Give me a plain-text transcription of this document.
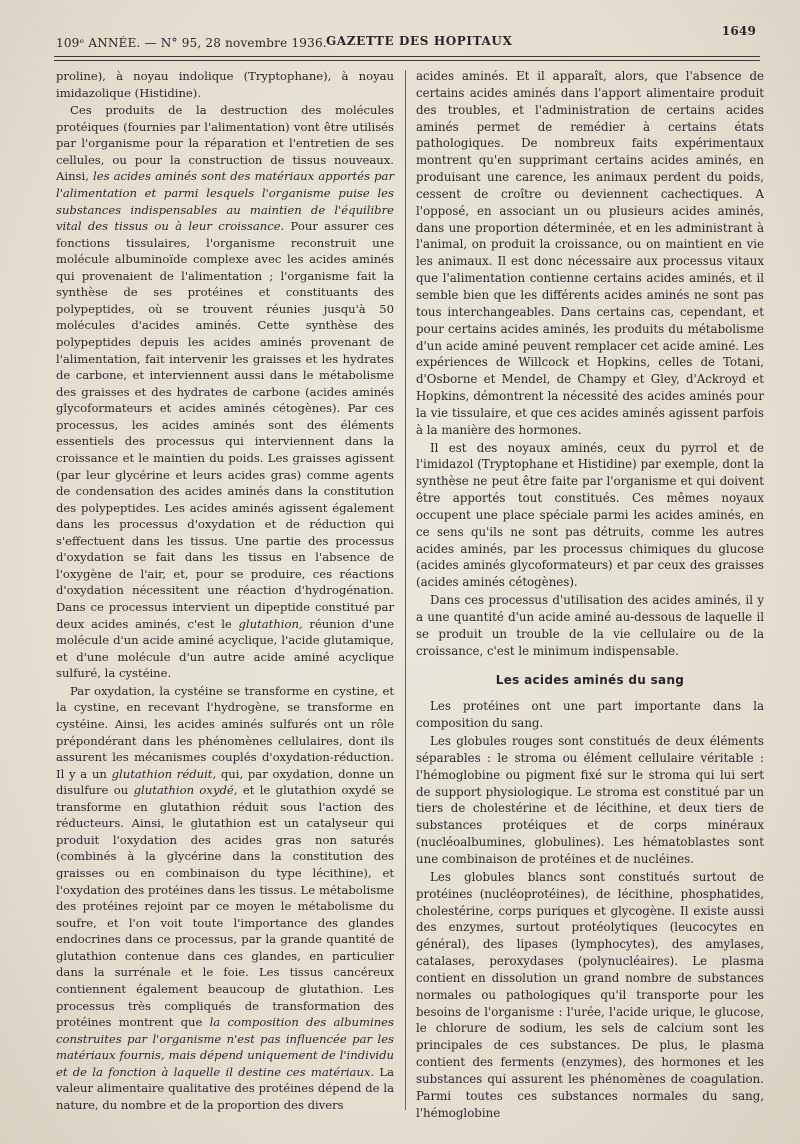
109ᵉ ANNÉE. — N° 95, 28 novembre 1936. GAZETTE DES HOPITAUX
1649

proline), à noyau indolique (Tryptophane), à noyau imidazolique (Histidine).

Ces produits de la destruction des molécules protéiques (fournies par l'alimentation) vont être utilisés par l'organisme pour la réparation et l'entretien de ses cellules, ou pour la construction de tissus nouveaux. Ainsi, les acides aminés sont des matériaux apportés par l'alimentation et parmi lesquels l'organisme puise les substances indispensables au maintien de l'équilibre vital des tissus ou à leur croissance. Pour assurer ces fonctions tissulaires, l'organisme reconstruit une molécule albuminoïde complexe avec les acides aminés qui provenaient de l'alimentation ; l'organisme fait la synthèse de ses protéines et constituants des polypeptides, où se trouvent réunies jusqu'à 50 molécules d'acides aminés. Cette synthèse des polypeptides depuis les acides aminés provenant de l'alimentation, fait intervenir les graisses et les hydrates de carbone, et interviennent aussi dans le métabolisme des graisses et des hydrates de carbone (acides aminés glycoformateurs et acides aminés cétogènes). Par ces processus, les acides aminés sont des éléments essentiels des processus qui interviennent dans la croissance et le maintien du poids. Les graisses agissent (par leur glycérine et leurs acides gras) comme agents de condensation des acides aminés dans la constitution des polypeptides. Les acides aminés agissent également dans les processus d'oxydation et de réduction qui s'effectuent dans les tissus. Une partie des processus d'oxydation se fait dans les tissus en l'absence de l'oxygène de l'air, et, pour se produire, ces réactions d'oxydation nécessitent une réaction d'hydrogénation. Dans ce processus intervient un dipeptide constitué par deux acides aminés, c'est le glutathion, réunion d'une molécule d'un acide aminé acyclique, l'acide glutamique, et d'une molécule d'un autre acide aminé acyclique sulfuré, la cystéine.

Par oxydation, la cystéine se transforme en cystine, et la cystine, en recevant l'hydrogène, se transforme en cystéine. Ainsi, les acides aminés sulfurés ont un rôle prépondérant dans les phénomènes cellulaires, dont ils assurent les mécanismes couplés d'oxydation-réduction. Il y a un glutathion réduit, qui, par oxydation, donne un disulfure ou glutathion oxydé, et le glutathion oxydé se transforme en glutathion réduit sous l'action des réducteurs. Ainsi, le glutathion est un catalyseur qui produit l'oxydation des acides gras non saturés (combinés à la glycérine dans la constitution des graisses ou en combinaison du type lécithine), et l'oxydation des protéines dans les tissus. Le métabolisme des protéines rejoint par ce moyen le métabolisme du soufre, et l'on voit toute l'importance des glandes endocrines dans ce processus, par la grande quantité de glutathion contenue dans ces glandes, en particulier dans la surrénale et le foie. Les tissus cancéreux contiennent également beaucoup de glutathion. Les processus très compliqués de transformation des protéines montrent que la composition des albumines construites par l'organisme n'est pas influencée par les matériaux fournis, mais dépend uniquement de l'individu et de la fonction à laquelle il destine ces matériaux. La valeur alimentaire qualitative des protéines dépend de la nature, du nombre et de la proportion des divers

acides aminés. Et il apparaît, alors, que l'absence de certains acides aminés dans l'apport alimentaire produit des troubles, et l'administration de certains acides aminés permet de remédier à certains états pathologiques. De nombreux faits expérimentaux montrent qu'en supprimant certains acides aminés, en produisant une carence, les animaux perdent du poids, cessent de croître ou deviennent cachectiques. A l'opposé, en associant un ou plusieurs acides aminés, dans une proportion déterminée, et en les administrant à l'animal, on produit la croissance, ou on maintient en vie les animaux. Il est donc nécessaire aux processus vitaux que l'alimentation contienne certains acides aminés, et il semble bien que les différents acides aminés ne sont pas tous interchangeables. Dans certains cas, cependant, et pour certains acides aminés, les produits du métabolisme d'un acide aminé peuvent remplacer cet acide aminé. Les expériences de Willcock et Hopkins, celles de Totani, d'Osborne et Mendel, de Champy et Gley, d'Ackroyd et Hopkins, démontrent la nécessité des acides aminés pour la vie tissulaire, et que ces acides aminés agissent parfois à la manière des hormones.

Il est des noyaux aminés, ceux du pyrrol et de l'imidazol (Tryptophane et Histidine) par exemple, dont la synthèse ne peut être faite par l'organisme et qui doivent être apportés tout constitués. Ces mêmes noyaux occupent une place spéciale parmi les acides aminés, en ce sens qu'ils ne sont pas détruits, comme les autres acides aminés, par les processus chimiques du glucose (acides aminés glycoformateurs) et par ceux des graisses (acides aminés cétogènes).

Dans ces processus d'utilisation des acides aminés, il y a une quantité d'un acide aminé au-dessous de laquelle il se produit un trouble de la vie cellulaire ou de la croissance, c'est le minimum indispensable.

Les acides aminés du sang

Les protéines ont une part importante dans la composition du sang.

Les globules rouges sont constitués de deux éléments séparables : le stroma ou élément cellulaire véritable : l'hémoglobine ou pigment fixé sur le stroma qui lui sert de support physiologique. Le stroma est constitué par un tiers de cholestérine et de lécithine, et deux tiers de substances protéiques et de corps minéraux (nucléoalbumines, globulines). Les hématoblastes sont une combinaison de protéines et de nucléines.

Les globules blancs sont constitués surtout de protéines (nucléoprotéines), de lécithine, phosphatides, cholestérine, corps puriques et glycogène. Il existe aussi des enzymes, surtout protéolytiques (leucocytes en général), des lipases (lymphocytes), des amylases, catalases, peroxydases (polynucléaires). Le plasma contient en dissolution un grand nombre de substances normales ou pathologiques qu'il transporte pour les besoins de l'organisme : l'urée, l'acide urique, le glucose, le chlorure de sodium, les sels de calcium sont les principales de ces substances. De plus, le plasma contient des ferments (enzymes), des hormones et les substances qui assurent les phénomènes de coagulation. Parmi toutes ces substances normales du sang, l'hémoglobine
